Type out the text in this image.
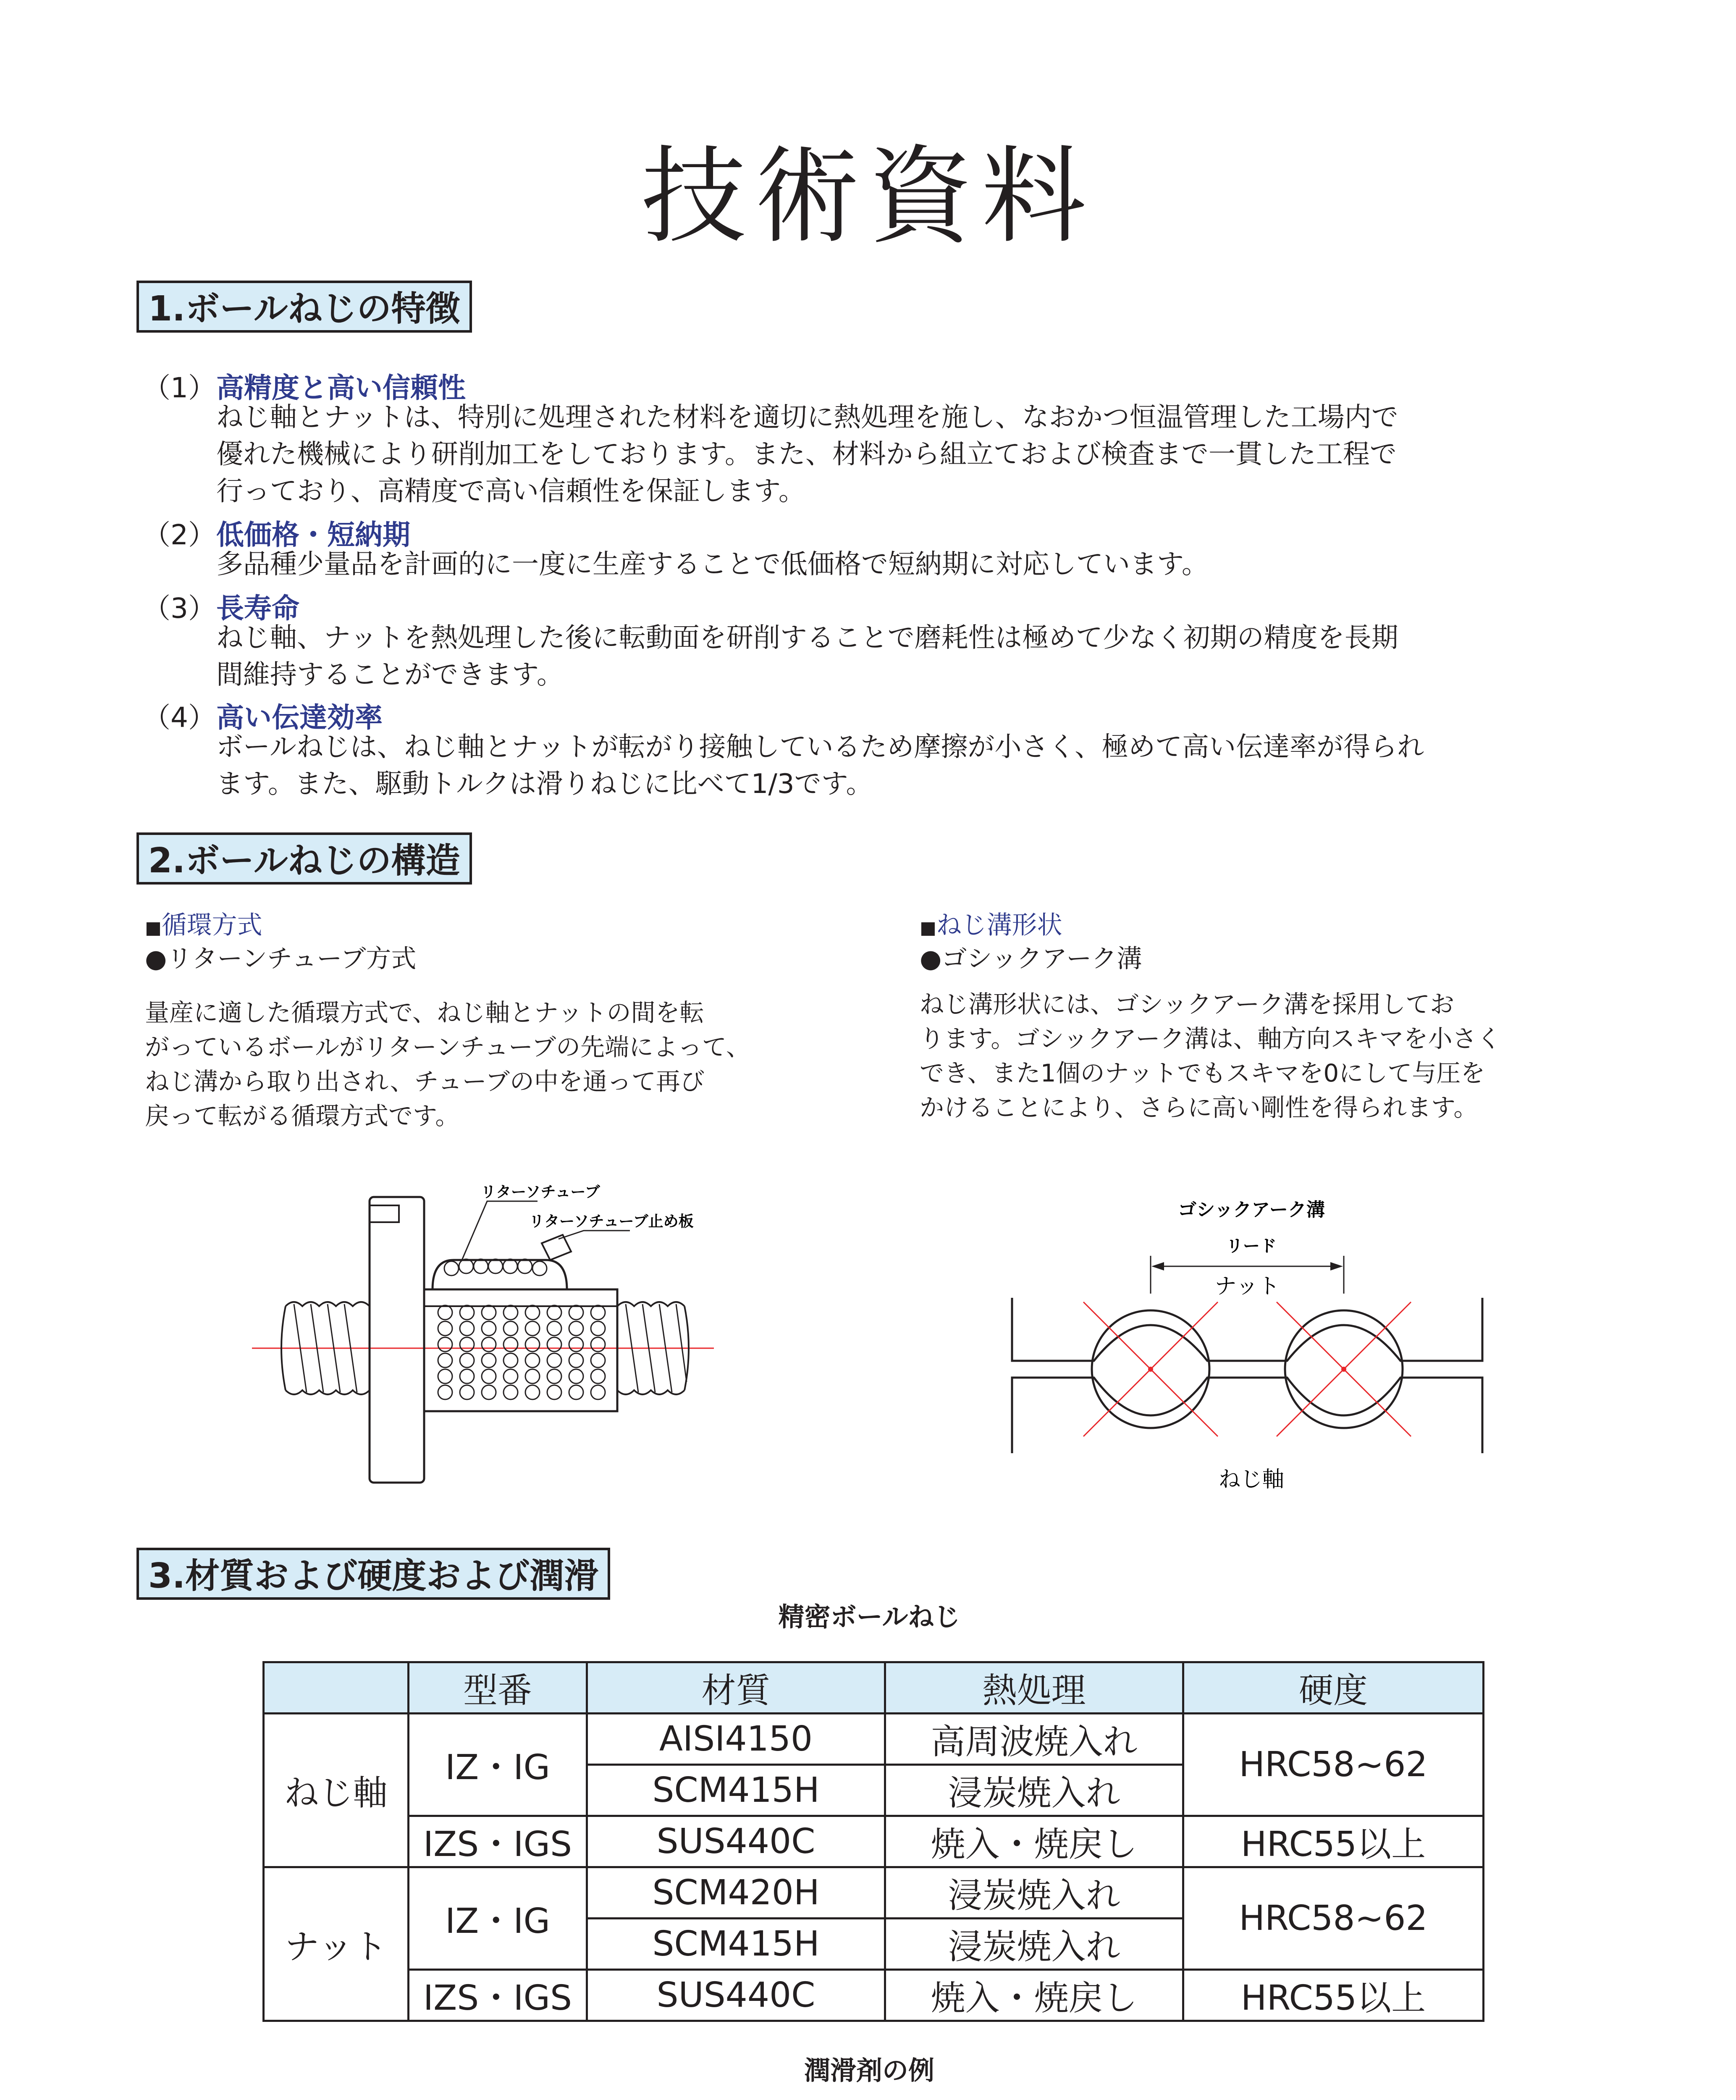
技術資料
1.ボールねじの特徴
（1） 高精度と高い信頼性
ねじ軸とナットは、特別に処理された材料を適切に熱処理を施し、なおかつ恒温管理した工場内で
優れた機械により研削加工をしております。また、材料から組立ておよび検査まで一貫した工程で
行っており、高精度で高い信頼性を保証します。
（2） 低価格・短納期
多品種少量品を計画的に一度に生産することで低価格で短納期に対応しています。
（3） 長寿命
ねじ軸、ナットを熱処理した後に転動面を研削することで磨耗性は極めて少なく初期の精度を長期
間維持することができます。
（4） 高い伝達効率
ボールねじは、ねじ軸とナットが転がり接触しているため摩擦が小さく、極めて高い伝達率が得られ
ます。また、駆動トルクは滑りねじに比べて1/3です。
2.ボールねじの構造
■循環方式
●リターンチューブ方式
量産に適した循環方式で、ねじ軸とナットの間を転
がっているボールがリターンチューブの先端によって、
ねじ溝から取り出され、チューブの中を通って再び
戻って転がる循環方式です。
■ねじ溝形状
●ゴシックアーク溝
ねじ溝形状には、ゴシックアーク溝を採用してお
ります。ゴシックアーク溝は、軸方向スキマを小さく
でき、また1個のナットでもスキマを0にして与圧を
かけることにより、さらに高い剛性を得られます。
リターソチューブ
リターソチューブ止め板
ゴシックアーク溝
リード
ナット
ねじ軸
3.材質および硬度および潤滑
精密ボールねじ
	型番	材質	熱処理	硬度
ねじ軸	IZ・IG	AISI4150	高周波焼入れ	HRC58~62
		SCM415H	浸炭焼入れ	
	IZS・IGS	SUS440C	焼入・焼戻し	HRC55以上
ナット	IZ・IG	SCM420H	浸炭焼入れ	HRC58~62
		SCM415H	浸炭焼入れ	
	IZS・IGS	SUS440C	焼入・焼戻し	HRC55以上
潤滑剤の例
